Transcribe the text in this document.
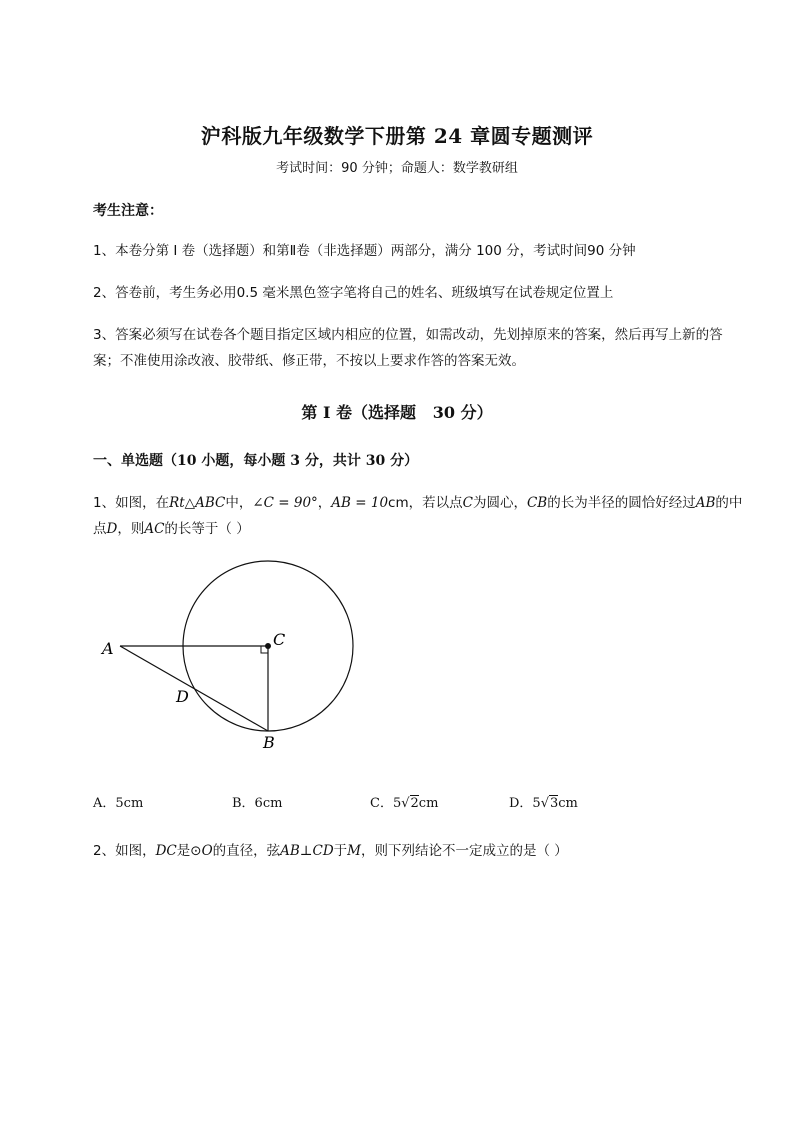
沪科版九年级数学下册第 24 章圆专题测评
考试时间：90 分钟；命题人：数学教研组
考生注意：
1、本卷分第 I 卷（选择题）和第Ⅱ卷（非选择题）两部分，满分 100 分，考试时间90 分钟
2、答卷前，考生务必用0.5 毫米黑色签字笔将自己的姓名、班级填写在试卷规定位置上
3、答案必须写在试卷各个题目指定区域内相应的位置，如需改动，先划掉原来的答案，然后再写上新的答案；不准使用涂改液、胶带纸、修正带，不按以上要求作答的答案无效。
第 I 卷（选择题   30 分）
一、单选题（10 小题，每小题 3 分，共计 30 分）
1、如图，在Rt△ABC中，∠C = 90°，AB = 10cm，若以点C为圆心，CB的长为半径的圆恰好经过AB的中点D，则AC的长等于（ ）
A	C
D
B
A．5cm	B．6cm	C．5√2cm	D．5√3cm
2、如图，DC是⊙O的直径，弦AB⊥CD于M，则下列结论不一定成立的是（ ）
